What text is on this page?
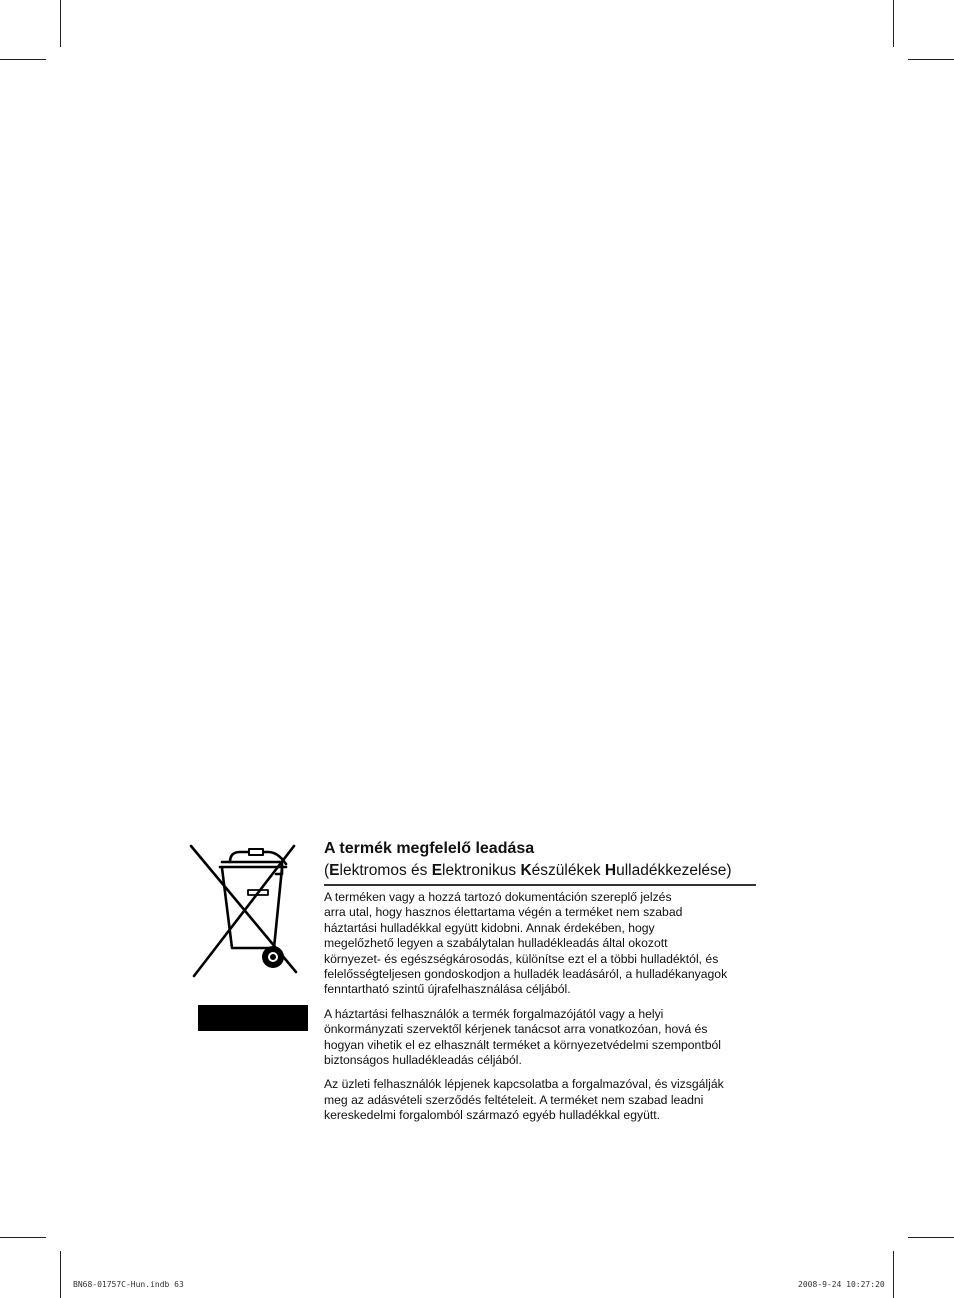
A termék megfelelő leadása

(Elektromos és Elektronikus Készülékek Hulladékkezelése)

A terméken vagy a hozzá tartozó dokumentáción szereplő jelzés
arra utal, hogy hasznos élettartama végén a terméket nem szabad
háztartási hulladékkal együtt kidobni. Annak érdekében, hogy
megelőzhető legyen a szabálytalan hulladékleadás által okozott
környezet- és egészségkárosodás, különítse ezt el a többi hulladéktól, és
felelősségteljesen gondoskodjon a hulladék leadásáról, a hulladékanyagok
fenntartható szintű újrafelhasználása céljából.

A háztartási felhasználók a termék forgalmazójától vagy a helyi
önkormányzati szervektől kérjenek tanácsot arra vonatkozóan, hová és
hogyan vihetik el ez elhasznált terméket a környezetvédelmi szempontból
biztonságos hulladékleadás céljából.

Az üzleti felhasználók lépjenek kapcsolatba a forgalmazóval, és vizsgálják
meg az adásvételi szerződés feltételeit. A terméket nem szabad leadni
kereskedelmi forgalomból származó egyéb hulladékkal együtt.

BN68-01757C-Hun.indb 63	2008-9-24 10:27:20
